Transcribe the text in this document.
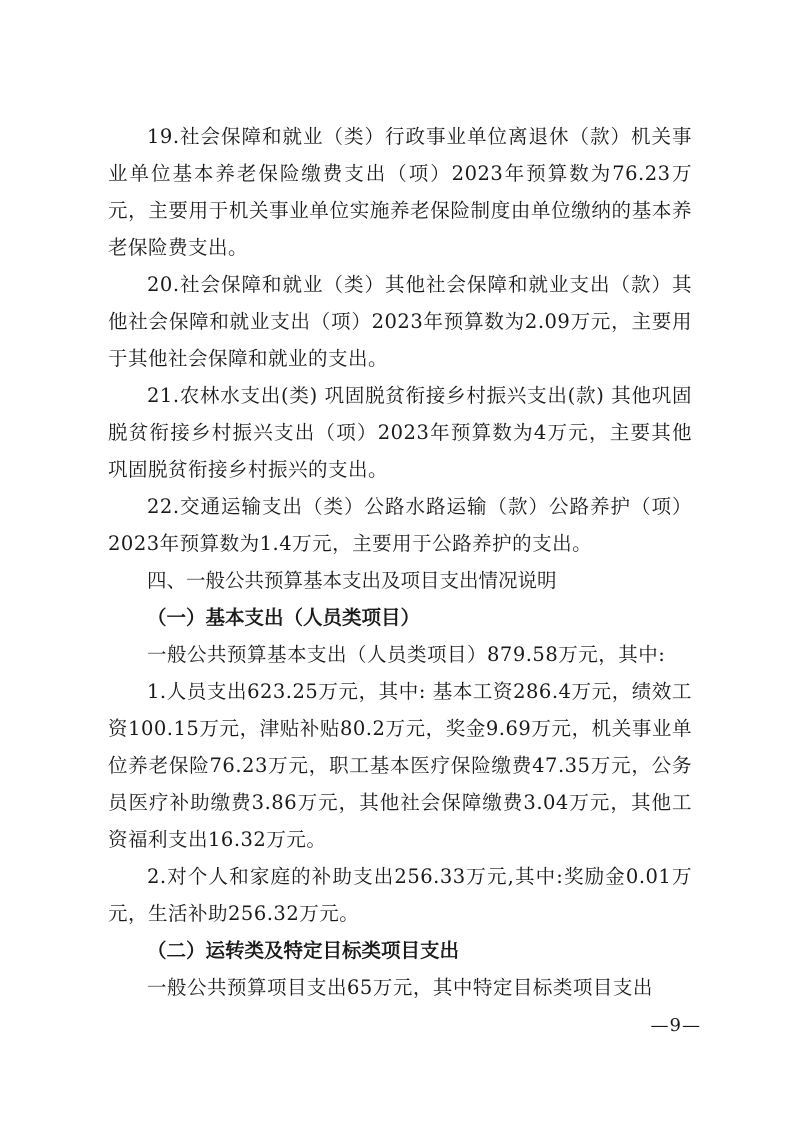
19.社会保障和就业（类）行政事业单位离退休（款）机关事业单位基本养老保险缴费支出（项）2023年预算数为76.23万元，主要用于机关事业单位实施养老保险制度由单位缴纳的基本养老保险费支出。

20.社会保障和就业（类）其他社会保障和就业支出（款）其他社会保障和就业支出（项）2023年预算数为2.09万元，主要用于其他社会保障和就业的支出。

21.农林水支出(类) 巩固脱贫衔接乡村振兴支出(款) 其他巩固脱贫衔接乡村振兴支出（项）2023年预算数为4万元，主要其他巩固脱贫衔接乡村振兴的支出。

22.交通运输支出（类）公路水路运输（款）公路养护（项）2023年预算数为1.4万元，主要用于公路养护的支出。

四、一般公共预算基本支出及项目支出情况说明

（一）基本支出（人员类项目）

一般公共预算基本支出（人员类项目）879.58万元，其中:

1.人员支出623.25万元，其中: 基本工资286.4万元，绩效工资100.15万元，津贴补贴80.2万元，奖金9.69万元，机关事业单位养老保险76.23万元，职工基本医疗保险缴费47.35万元，公务员医疗补助缴费3.86万元，其他社会保障缴费3.04万元，其他工资福利支出16.32万元。

2.对个人和家庭的补助支出256.33万元,其中:奖励金0.01万元，生活补助256.32万元。

（二）运转类及特定目标类项目支出

一般公共预算项目支出65万元，其中特定目标类项目支出

—9—
